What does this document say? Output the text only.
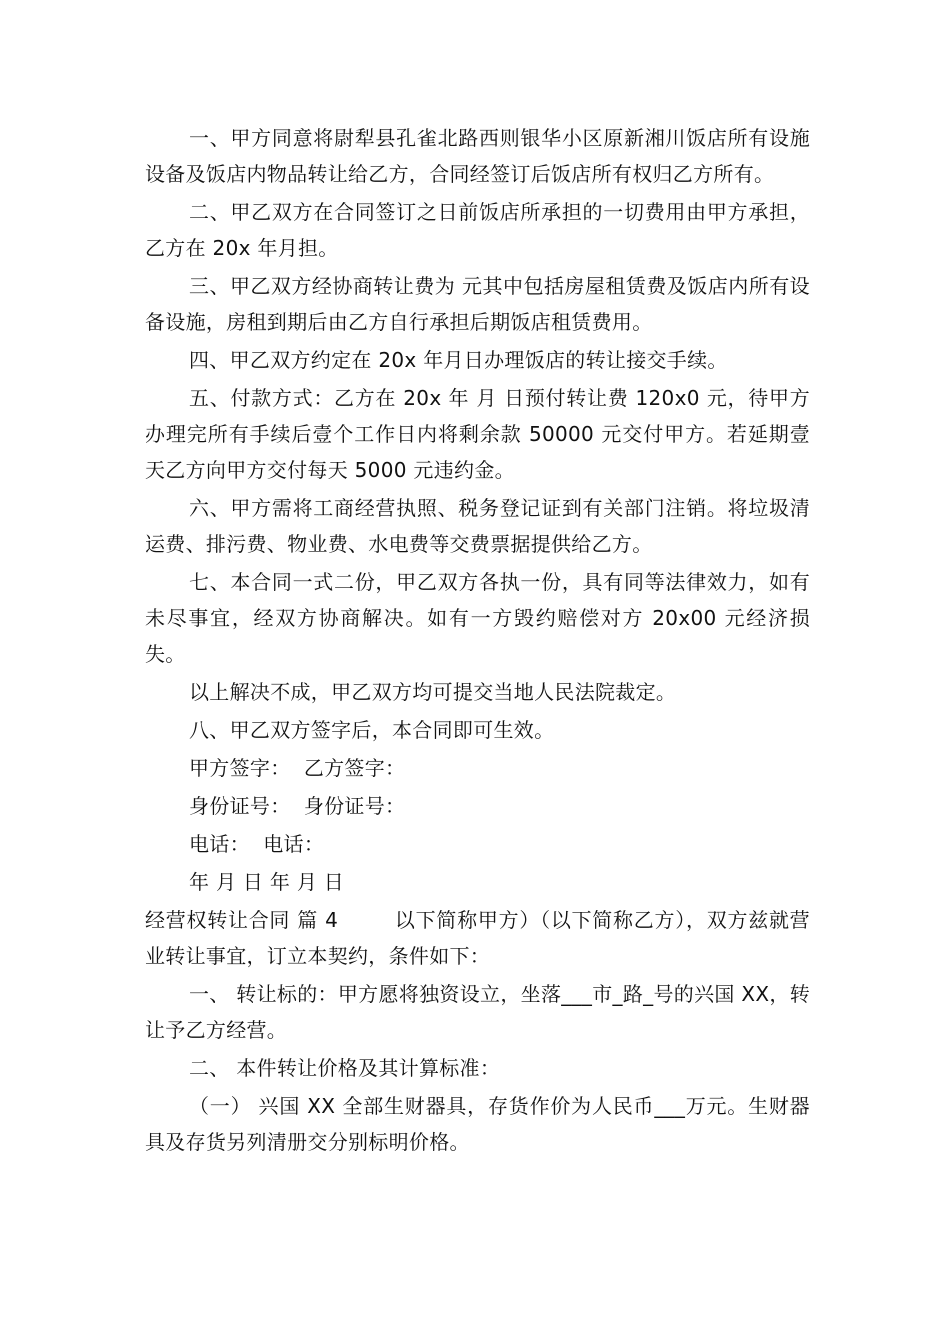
一、甲方同意将尉犁县孔雀北路西则银华小区原新湘川饭店所有设施设备及饭店内物品转让给乙方，合同经签订后饭店所有权归乙方所有。

二、甲乙双方在合同签订之日前饭店所承担的一切费用由甲方承担，乙方在 20x 年月担。

三、甲乙双方经协商转让费为 元其中包括房屋租赁费及饭店内所有设备设施，房租到期后由乙方自行承担后期饭店租赁费用。

四、甲乙双方约定在 20x 年月日办理饭店的转让接交手续。

五、付款方式：乙方在 20x 年 月 日预付转让费 120x0 元，待甲方办理完所有手续后壹个工作日内将剩余款 50000 元交付甲方。若延期壹天乙方向甲方交付每天 5000 元违约金。

六、甲方需将工商经营执照、税务登记证到有关部门注销。将垃圾清运费、排污费、物业费、水电费等交费票据提供给乙方。

七、本合同一式二份，甲乙双方各执一份，具有同等法律效力，如有未尽事宜，经双方协商解决。如有一方毁约赔偿对方 20x00 元经济损失。

以上解决不成，甲乙双方均可提交当地人民法院裁定。

八、甲乙双方签字后，本合同即可生效。

甲方签字：  乙方签字：

身份证号：  身份证号：

电话：  电话：

年 月 日 年 月 日

经营权转让合同 篇 4        以下简称甲方）（以下简称乙方），双方兹就营业转让事宜，订立本契约，条件如下：

一、 转让标的：甲方愿将独资设立，坐落___市_路_号的兴国 XX，转让予乙方经营。

二、 本件转让价格及其计算标准：

（一） 兴国 XX 全部生财器具，存货作价为人民币___万元。生财器具及存货另列清册交分别标明价格。
